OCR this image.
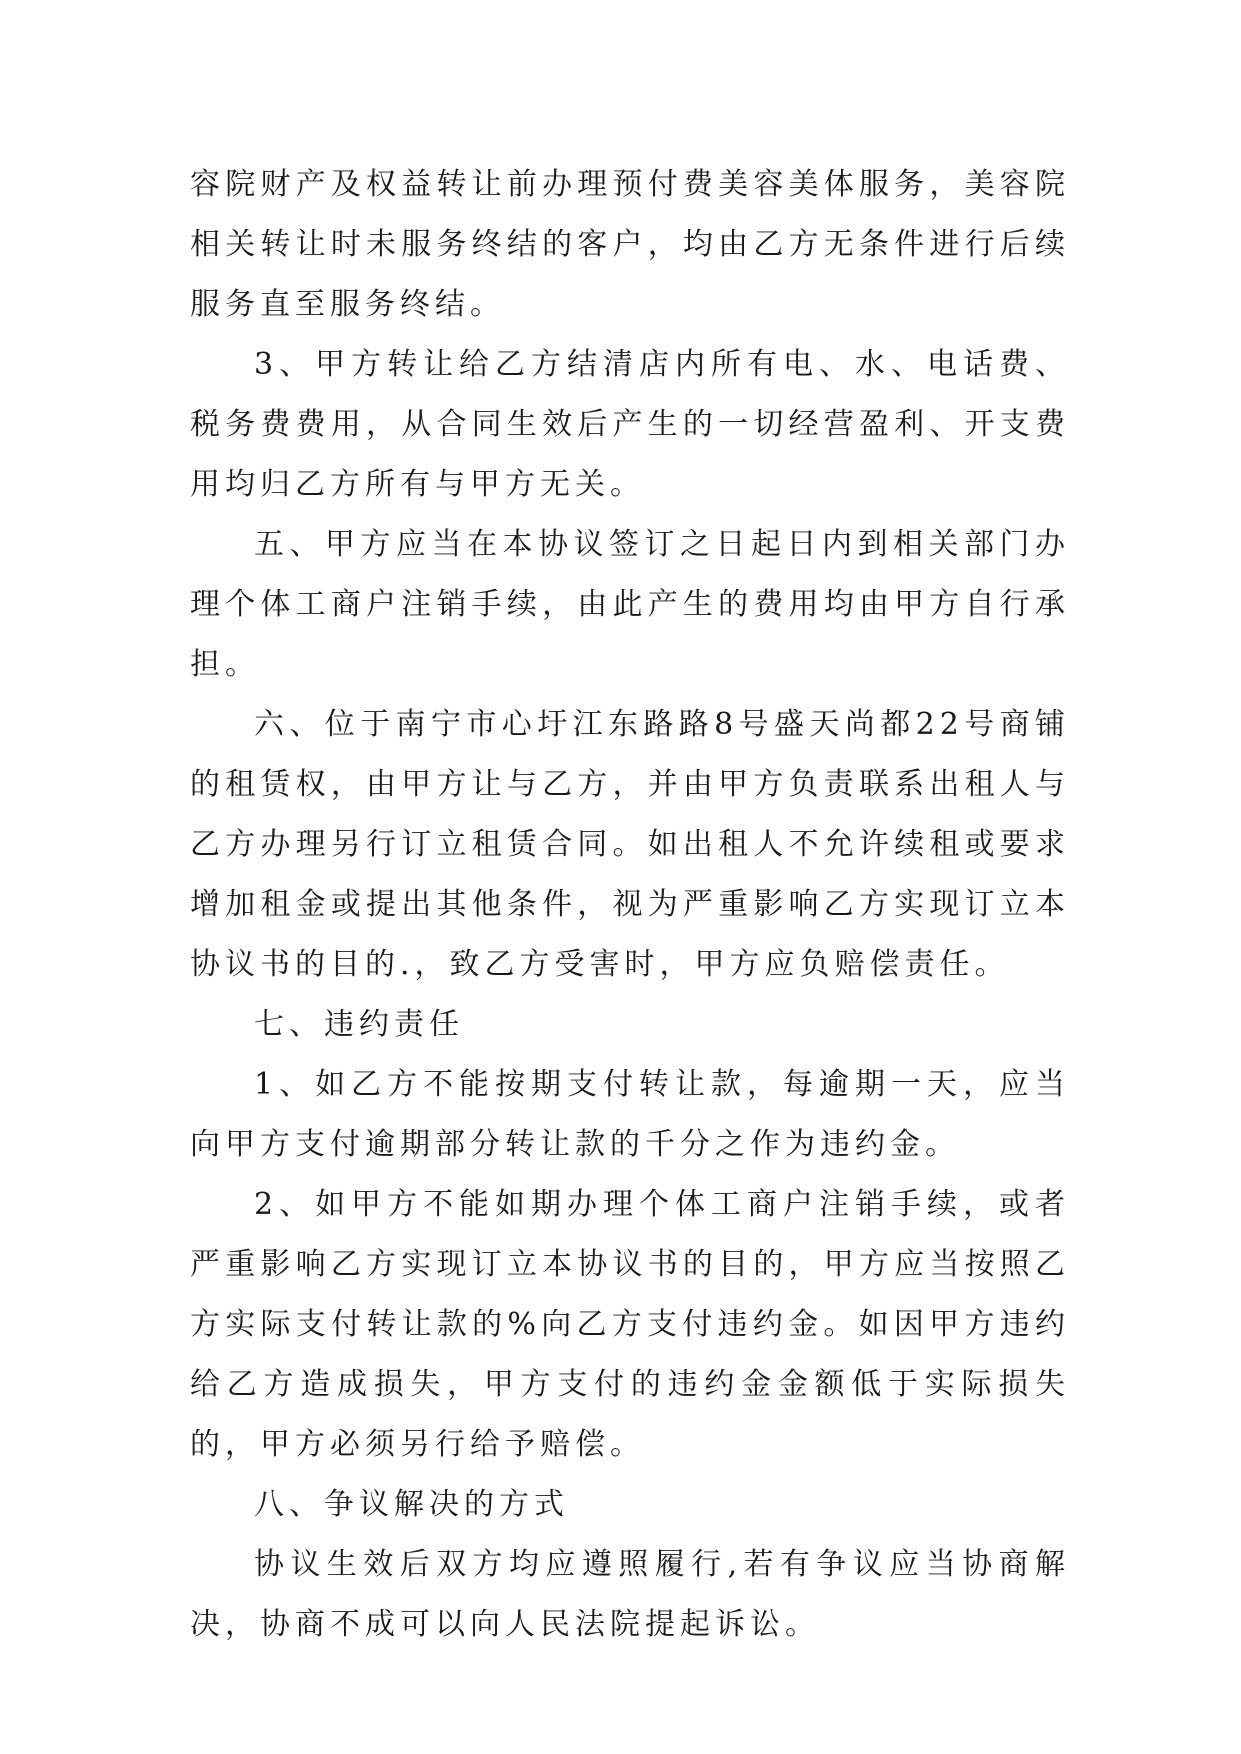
容院财产及权益转让前办理预付费美容美体服务，美容院相关转让时未服务终结的客户，均由乙方无条件进行后续服务直至服务终结。

3、甲方转让给乙方结清店内所有电、水、电话费、税务费费用，从合同生效后产生的一切经营盈利、开支费用均归乙方所有与甲方无关。

五、甲方应当在本协议签订之日起日内到相关部门办理个体工商户注销手续，由此产生的费用均由甲方自行承担。

六、位于南宁市心圩江东路路8号盛天尚都22号商铺的租赁权，由甲方让与乙方，并由甲方负责联系出租人与乙方办理另行订立租赁合同。如出租人不允许续租或要求增加租金或提出其他条件，视为严重影响乙方实现订立本协议书的目的.，致乙方受害时，甲方应负赔偿责任。

七、违约责任

1、如乙方不能按期支付转让款，每逾期一天，应当向甲方支付逾期部分转让款的千分之作为违约金。

2、如甲方不能如期办理个体工商户注销手续，或者严重影响乙方实现订立本协议书的目的，甲方应当按照乙方实际支付转让款的%向乙方支付违约金。如因甲方违约给乙方造成损失，甲方支付的违约金金额低于实际损失的，甲方必须另行给予赔偿。

八、争议解决的方式

协议生效后双方均应遵照履行,若有争议应当协商解决，协商不成可以向人民法院提起诉讼。
